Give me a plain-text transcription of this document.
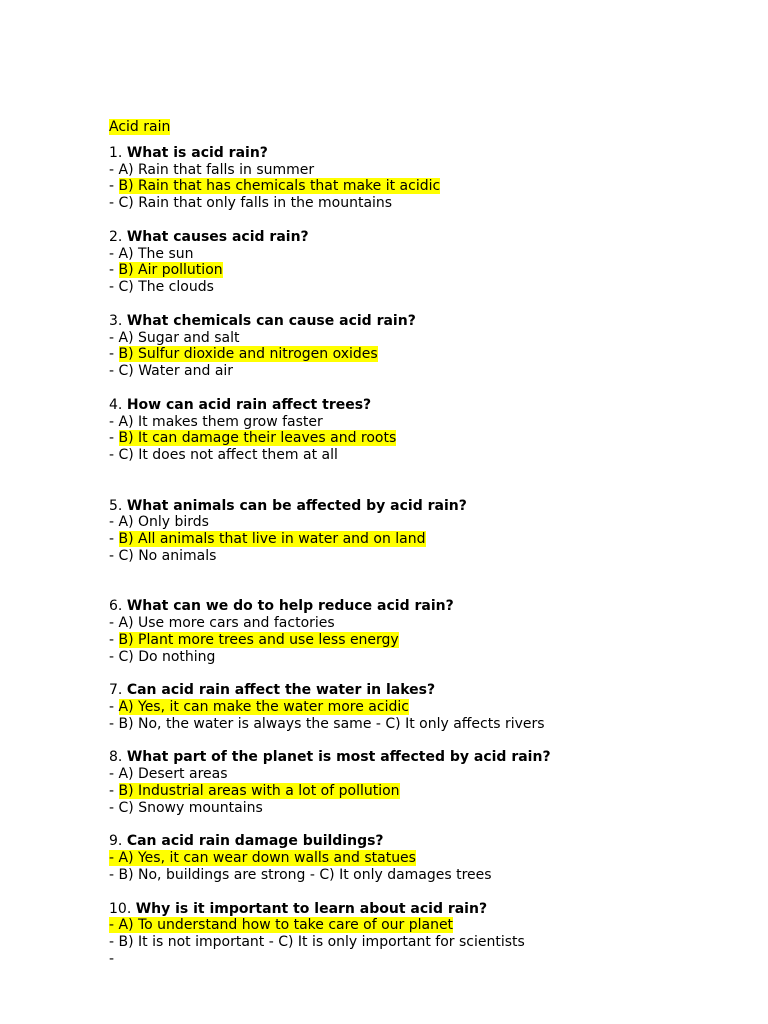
Acid rain
1. What is acid rain?
- A) Rain that falls in summer
- B) Rain that has chemicals that make it acidic
- C) Rain that only falls in the mountains
2. What causes acid rain?
- A) The sun
- B) Air pollution
- C) The clouds
3. What chemicals can cause acid rain?
- A) Sugar and salt
- B) Sulfur dioxide and nitrogen oxides
- C) Water and air
4. How can acid rain affect trees?
- A) It makes them grow faster
- B) It can damage their leaves and roots
- C) It does not affect them at all
5. What animals can be affected by acid rain?
- A) Only birds
- B) All animals that live in water and on land
- C) No animals
6. What can we do to help reduce acid rain?
- A) Use more cars and factories
- B) Plant more trees and use less energy
- C) Do nothing
7. Can acid rain affect the water in lakes?
- A) Yes, it can make the water more acidic
- B) No, the water is always the same - C) It only affects rivers
8. What part of the planet is most affected by acid rain?
- A) Desert areas
- B) Industrial areas with a lot of pollution
- C) Snowy mountains
9. Can acid rain damage buildings?
- A) Yes, it can wear down walls and statues
- B) No, buildings are strong - C) It only damages trees
10. Why is it important to learn about acid rain?
- A) To understand how to take care of our planet
- B) It is not important - C) It is only important for scientists
-
